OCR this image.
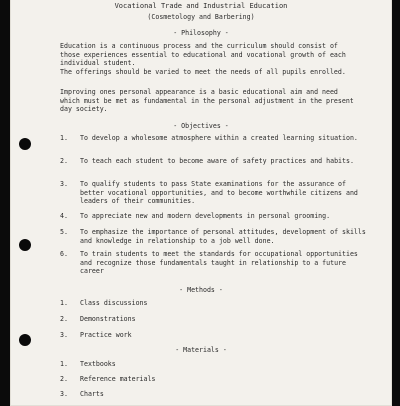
Vocational Trade and Industrial Education
(Cosmetology and Barbering)
- Philosophy -
Education is a continuous process and the curriculum should consist of those experiences essential to educational and vocational growth of each individual student.
The offerings should be varied to meet the needs of all pupils enrolled.
Improving ones personal appearance is a basic educational aim and need which must be met as fundamental in the personal adjustment in the present day society.
- Objectives -
1.	To develop a wholesome atmosphere within a created learning situation.
2.	To teach each student to become aware of safety practices and habits.
3.	To qualify students to pass State examinations for the assurance of better vocational opportunities, and to become worthwhile citizens and leaders of their communities.
4.	To appreciate new and modern developments in personal grooming.
5.	To emphasize the importance of personal attitudes, development of skills and knowledge in relationship to a job well done.
6.	To train students to meet the standards for occupational opportunities and recognize those fundamentals taught in relationship to a future career
- Methods -
1.	Class discussions
2.	Demonstrations
3.	Practice work
- Materials -
1.	Textbooks
2.	Reference materials
3.	Charts
